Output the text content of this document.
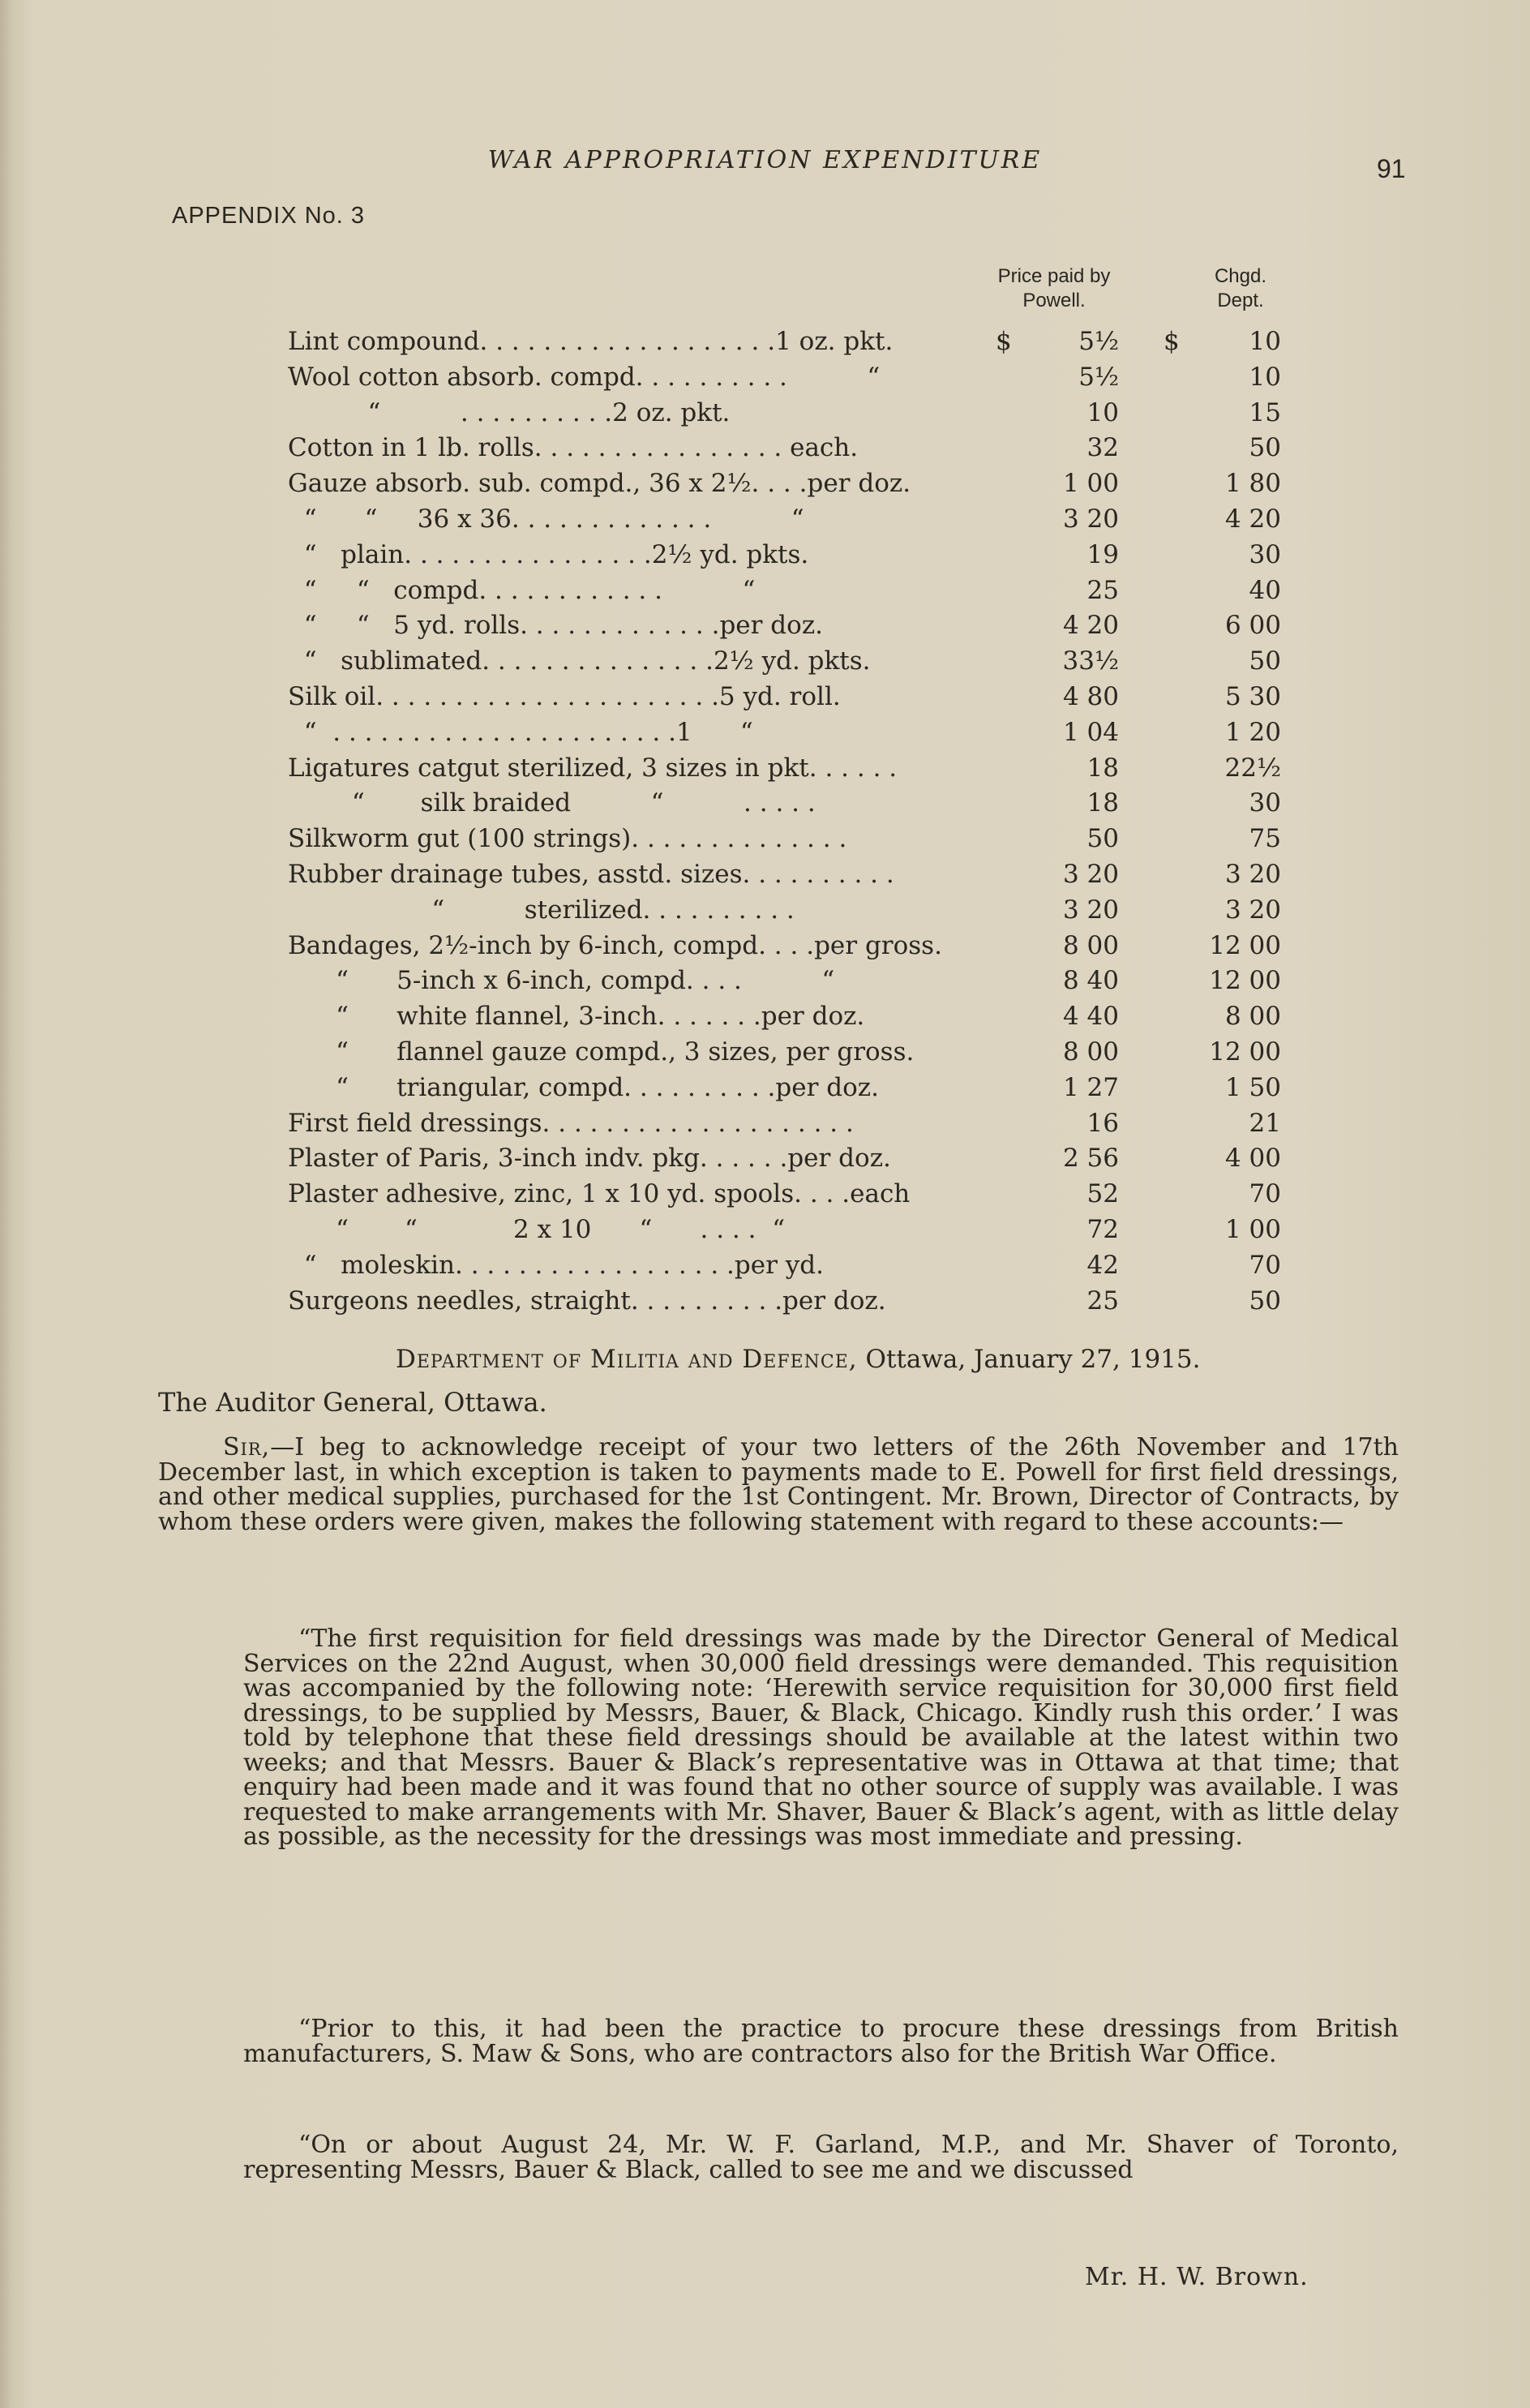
WAR APPROPRIATION EXPENDITURE	91
APPENDIX No. 3
Price paid by
Powell.
Chgd.
Dept.
$	$
Lint compound. . . . . . . . . . . . . . . . . . .1 oz. pkt.	5½	10
Wool cotton absorb. compd. . . . . . . . . .          “	5½	10
“          . . . . . . . . . .2 oz. pkt.	10	15
Cotton in 1 lb. rolls. . . . . . . . . . . . . . . . each.	32	50
Gauze absorb. sub. compd., 36 x 2½. . . .per doz.	1 00	1 80
“      “     36 x 36. . . . . . . . . . . . .          “	3 20	4 20
“   plain. . . . . . . . . . . . . . . .2½ yd. pkts.	19	30
“     “   compd. . . . . . . . . . . .          “	25	40
“     “   5 yd. rolls. . . . . . . . . . . . .per doz.	4 20	6 00
“   sublimated. . . . . . . . . . . . . . .2½ yd. pkts.	33½	50
Silk oil. . . . . . . . . . . . . . . . . . . . . .5 yd. roll.	4 80	5 30
“  . . . . . . . . . . . . . . . . . . . . . .1      “	1 04	1 20
Ligatures catgut sterilized, 3 sizes in pkt. . . . . .	18	22½
“       silk braided          “          . . . . .	18	30
Silkworm gut (100 strings). . . . . . . . . . . . . .	50	75
Rubber drainage tubes, asstd. sizes. . . . . . . . . .	3 20	3 20
“          sterilized. . . . . . . . . .	3 20	3 20
Bandages, 2½-inch by 6-inch, compd. . . .per gross.	8 00	12 00
“      5-inch x 6-inch, compd. . . .          “	8 40	12 00
“      white flannel, 3-inch. . . . . . .per doz.	4 40	8 00
“      flannel gauze compd., 3 sizes, per gross.	8 00	12 00
“      triangular, compd. . . . . . . . . .per doz.	1 27	1 50
First field dressings. . . . . . . . . . . . . . . . . . . .	16	21
Plaster of Paris, 3-inch indv. pkg. . . . . .per doz.	2 56	4 00
Plaster adhesive, zinc, 1 x 10 yd. spools. . . .each	52	70
“       “            2 x 10      “      . . . .  “	72	1 00
“   moleskin. . . . . . . . . . . . . . . . . .per yd.	42	70
Surgeons needles, straight. . . . . . . . . .per doz.	25	50
Department of Militia and Defence, Ottawa, January 27, 1915.
The Auditor General, Ottawa.
Sir,—I beg to acknowledge receipt of your two letters of the 26th November and 17th December last, in which exception is taken to payments made to E. Powell for first field dressings, and other medical supplies, purchased for the 1st Contingent. Mr. Brown, Director of Contracts, by whom these orders were given, makes the following statement with regard to these accounts:—
“The first requisition for field dressings was made by the Director General of Medical Services on the 22nd August, when 30,000 field dressings were demanded. This requisition was accompanied by the following note: ‘Herewith service requisition for 30,000 first field dressings, to be supplied by Messrs, Bauer, & Black, Chicago. Kindly rush this order.’ I was told by telephone that these field dressings should be available at the latest within two weeks; and that Messrs. Bauer & Black’s representative was in Ottawa at that time; that enquiry had been made and it was found that no other source of supply was available. I was requested to make arrangements with Mr. Shaver, Bauer & Black’s agent, with as little delay as possible, as the necessity for the dressings was most immediate and pressing.
“Prior to this, it had been the practice to procure these dressings from British manufacturers, S. Maw & Sons, who are contractors also for the British War Office.
“On or about August 24, Mr. W. F. Garland, M.P., and Mr. Shaver of Toronto, representing Messrs, Bauer & Black, called to see me and we discussed
Mr. H. W. Brown.
